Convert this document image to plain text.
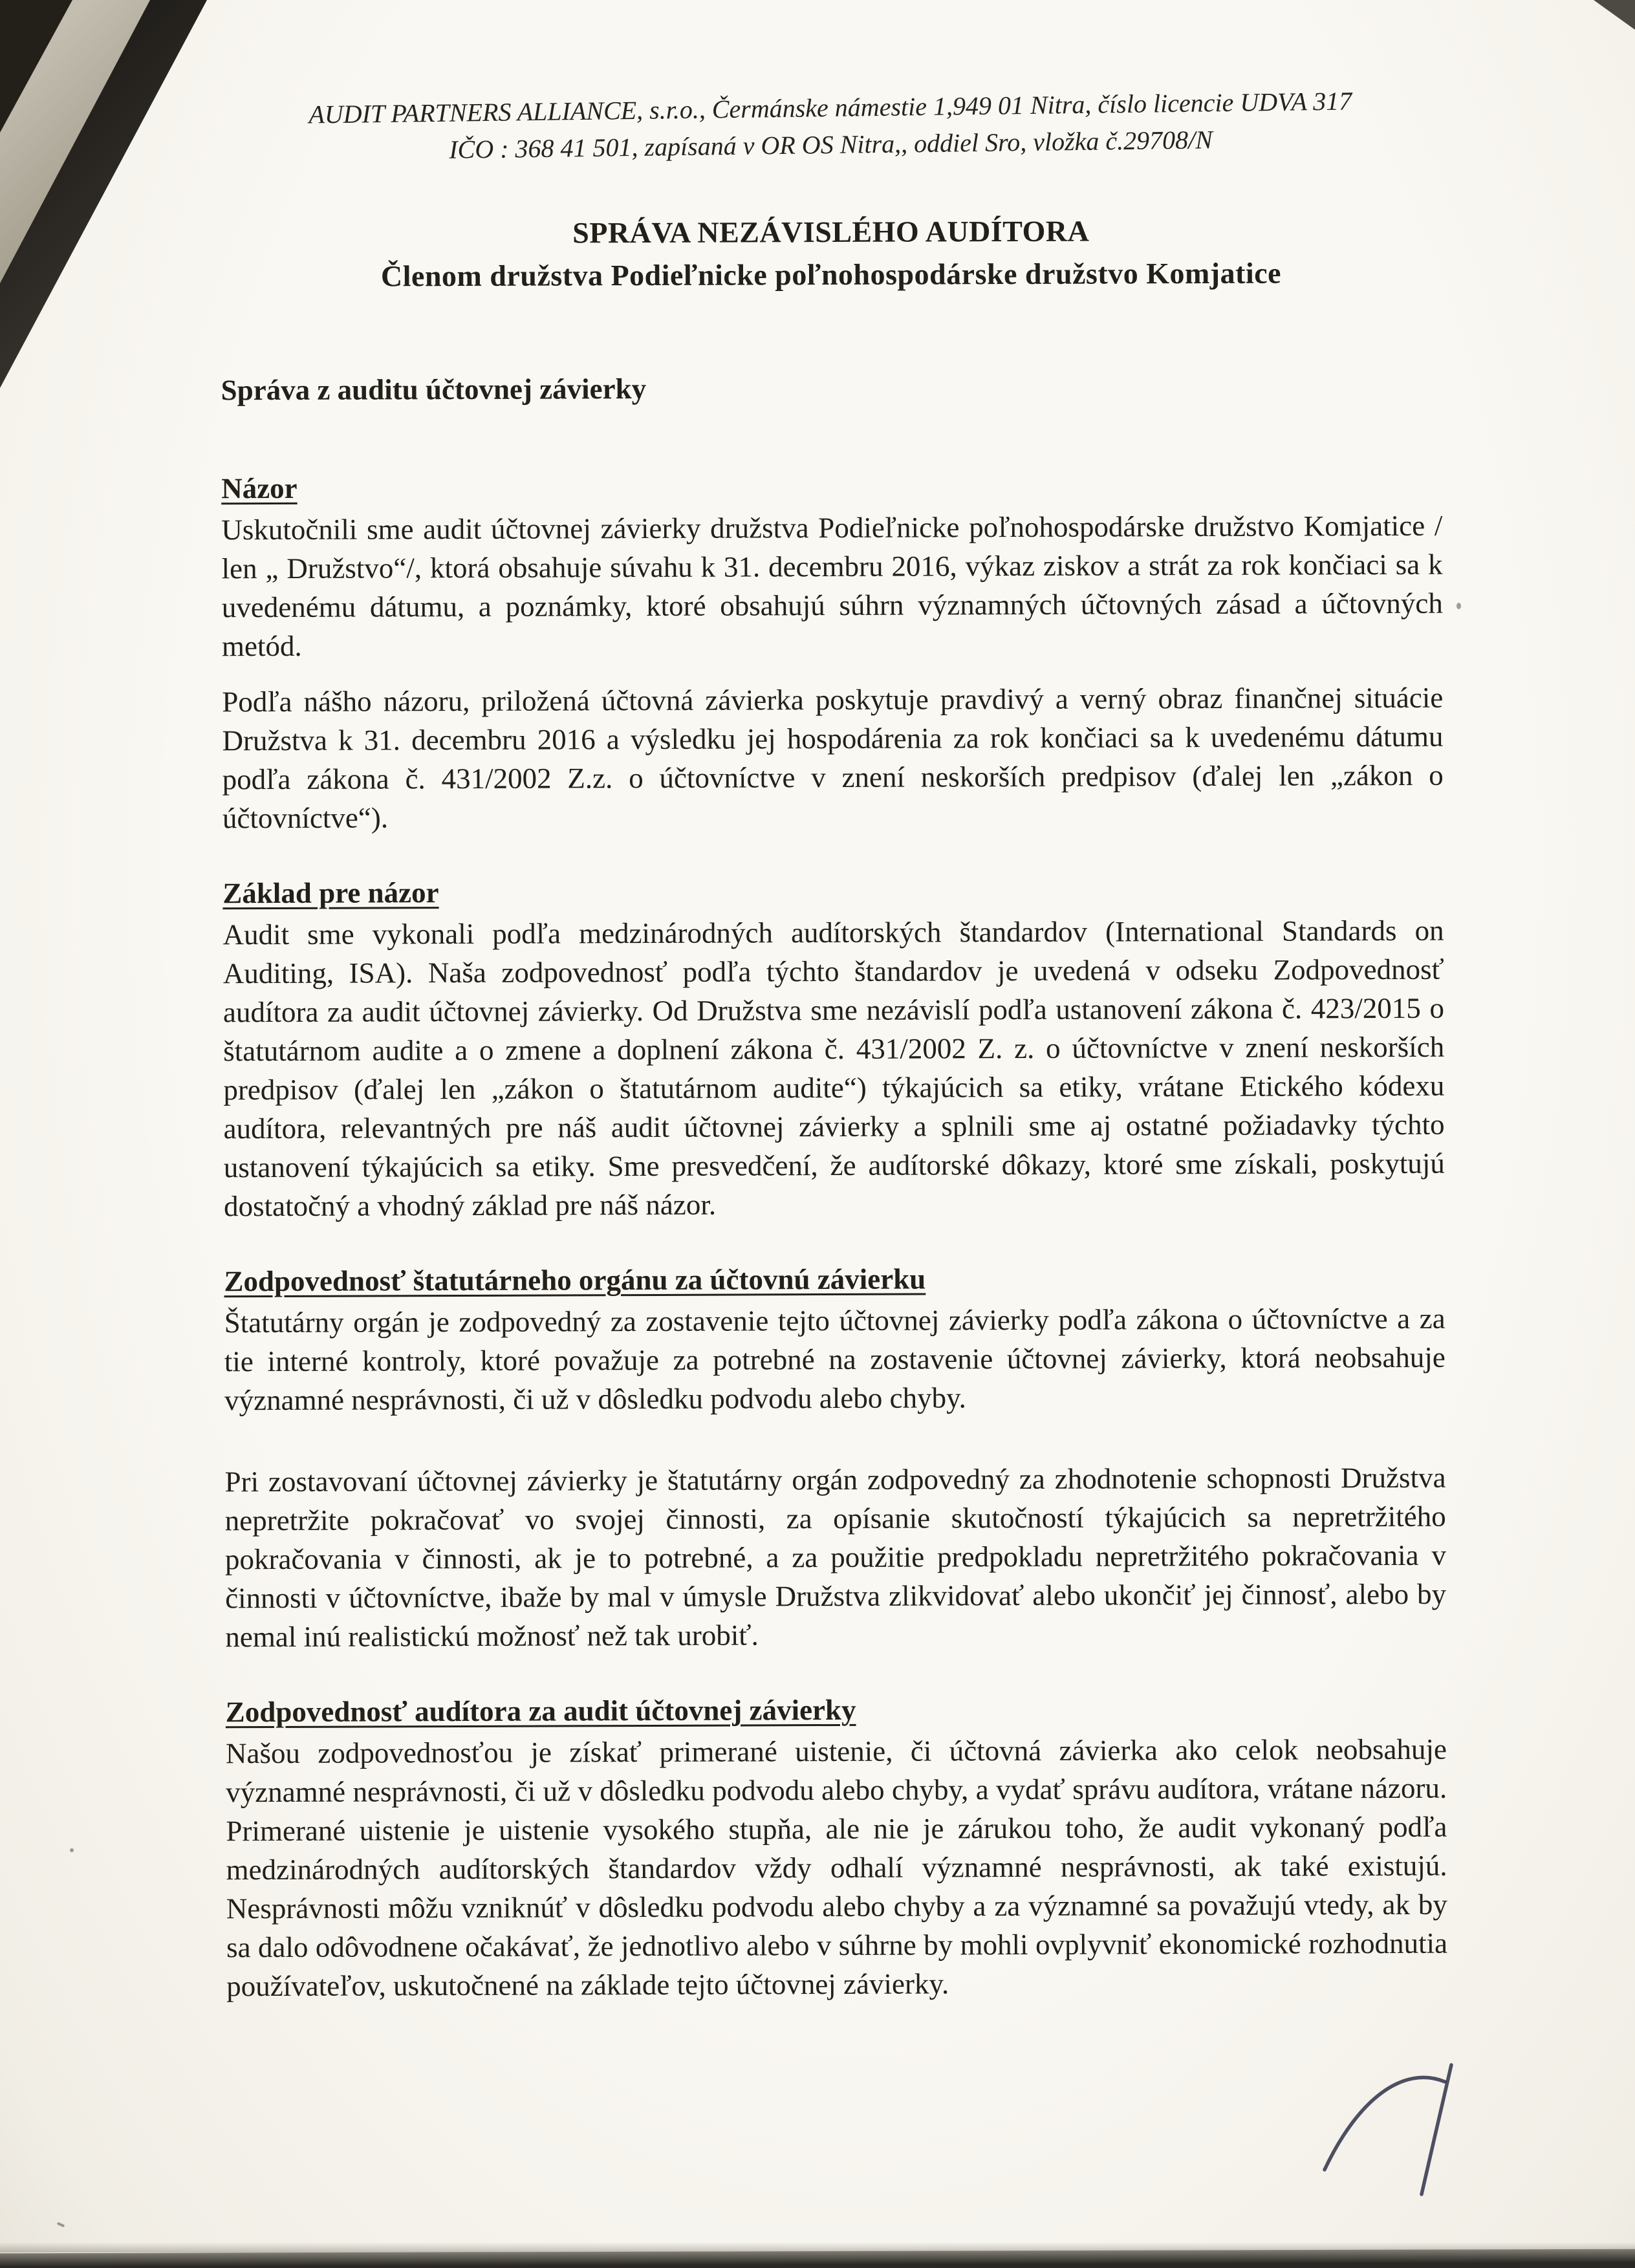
AUDIT PARTNERS ALLIANCE, s.r.o., Čermánske námestie 1,949 01 Nitra, číslo licencie UDVA 317
IČO : 368 41 501, zapísaná v OR OS Nitra,, oddiel Sro, vložka č.29708/N
SPRÁVA NEZÁVISLÉHO AUDÍTORA
Členom družstva Podieľnicke poľnohospodárske družstvo Komjatice
Správa z auditu účtovnej závierky
Názor

Uskutočnili sme audit účtovnej závierky družstva Podieľnicke poľnohospodárske družstvo Komjatice / len „ Družstvo“/, ktorá obsahuje súvahu k 31. decembru 2016, výkaz ziskov a strát za rok končiaci sa k uvedenému dátumu, a poznámky, ktoré obsahujú súhrn významných účtovných zásad a účtovných metód.

Podľa nášho názoru, priložená účtovná závierka poskytuje pravdivý a verný obraz finančnej situácie Družstva k 31. decembru 2016 a výsledku jej hospodárenia za rok končiaci sa k uvedenému dátumu podľa zákona č. 431/2002 Z.z. o účtovníctve v znení neskorších predpisov (ďalej len „zákon o účtovníctve“).

Základ pre názor

Audit sme vykonali podľa medzinárodných audítorských štandardov (International Standards on Auditing, ISA). Naša zodpovednosť podľa týchto štandardov je uvedená v odseku Zodpovednosť audítora za audit účtovnej závierky. Od Družstva sme nezávislí podľa ustanovení zákona č. 423/2015 o štatutárnom audite a o zmene a doplnení zákona č. 431/2002 Z. z. o účtovníctve v znení neskorších predpisov (ďalej len „zákon o štatutárnom audite“) týkajúcich sa etiky, vrátane Etického kódexu audítora, relevantných pre náš audit účtovnej závierky a splnili sme aj ostatné požiadavky týchto ustanovení týkajúcich sa etiky. Sme presvedčení, že audítorské dôkazy, ktoré sme získali, poskytujú dostatočný a vhodný základ pre náš názor.

Zodpovednosť štatutárneho orgánu za účtovnú závierku

Štatutárny orgán je zodpovedný za zostavenie tejto účtovnej závierky podľa zákona o účtovníctve a za tie interné kontroly, ktoré považuje za potrebné na zostavenie účtovnej závierky, ktorá neobsahuje významné nesprávnosti, či už v dôsledku podvodu alebo chyby.

Pri zostavovaní účtovnej závierky je štatutárny orgán zodpovedný za zhodnotenie schopnosti Družstva nepretržite pokračovať vo svojej činnosti, za opísanie skutočností týkajúcich sa nepretržitého pokračovania v činnosti, ak je to potrebné, a za použitie predpokladu nepretržitého pokračovania v činnosti v účtovníctve, ibaže by mal v úmysle Družstva zlikvidovať alebo ukončiť jej činnosť, alebo by nemal inú realistickú možnosť než tak urobiť.

Zodpovednosť audítora za audit účtovnej závierky

Našou zodpovednosťou je získať primerané uistenie, či účtovná závierka ako celok neobsahuje významné nesprávnosti, či už v dôsledku podvodu alebo chyby, a vydať správu audítora, vrátane názoru. Primerané uistenie je uistenie vysokého stupňa, ale nie je zárukou toho, že audit vykonaný podľa medzinárodných audítorských štandardov vždy odhalí významné nesprávnosti, ak také existujú. Nesprávnosti môžu vzniknúť v dôsledku podvodu alebo chyby a za významné sa považujú vtedy, ak by sa dalo odôvodnene očakávať, že jednotlivo alebo v súhrne by mohli ovplyvniť ekonomické rozhodnutia používateľov, uskutočnené na základe tejto účtovnej závierky.
